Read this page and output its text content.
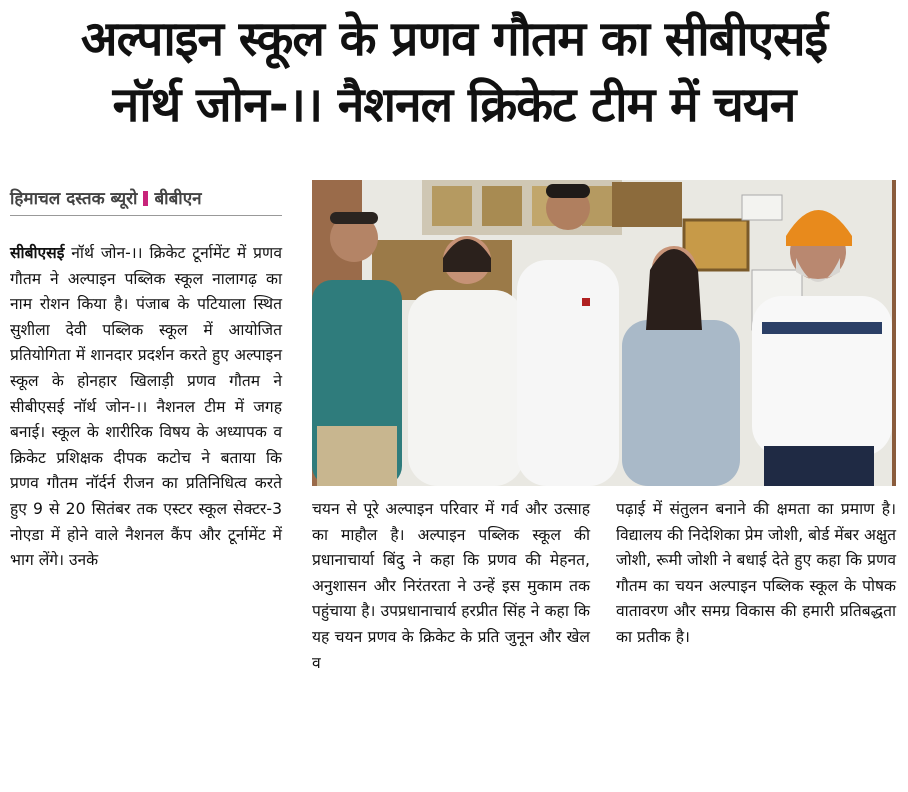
अल्पाइन स्कूल के प्रणव गौतम का सीबीएसई
नॉर्थ जोन-।। नैशनल क्रिकेट टीम में चयन
हिमाचल दस्तक ब्यूरो बीबीएन

सीबीएसई नॉर्थ जोन-।। क्रिकेट टूर्नामेंट में प्रणव गौतम ने अल्पाइन पब्लिक स्कूल नालागढ़ का नाम रोशन किया है। पंजाब के पटियाला स्थित सुशीला देवी पब्लिक स्कूल में आयोजित प्रतियोगिता में शानदार प्रदर्शन करते हुए अल्पाइन स्कूल के होनहार खिलाड़ी प्रणव गौतम ने सीबीएसई नॉर्थ जोन-।। नैशनल टीम में जगह बनाई। स्कूल के शारीरिक विषय के अध्यापक व क्रिकेट प्रशिक्षक दीपक कटोच ने बताया कि प्रणव गौतम नॉर्दर्न रीजन का प्रतिनिधित्व करते हुए 9 से 20 सितंबर तक एस्टर स्कूल सेक्टर-3 नोएडा में होने वाले नैशनल कैंप और टूर्नामेंट में भाग लेंगे। उनके

चयन से पूरे अल्पाइन परिवार में गर्व और उत्साह का माहौल है। अल्पाइन पब्लिक स्कूल की प्रधानाचार्या बिंदु ने कहा कि प्रणव की मेहनत, अनुशासन और निरंतरता ने उन्हें इस मुकाम तक पहुंचाया है। उपप्रधानाचार्य हरप्रीत सिंह ने कहा कि यह चयन प्रणव के क्रिकेट के प्रति जुनून और खेल व

पढ़ाई में संतुलन बनाने की क्षमता का प्रमाण है। विद्यालय की निदेशिका प्रेम जोशी, बोर्ड मेंबर अक्षुत जोशी, रूमी जोशी ने बधाई देते हुए कहा कि प्रणव गौतम का चयन अल्पाइन पब्लिक स्कूल के पोषक वातावरण और समग्र विकास की हमारी प्रतिबद्धता का प्रतीक है।
